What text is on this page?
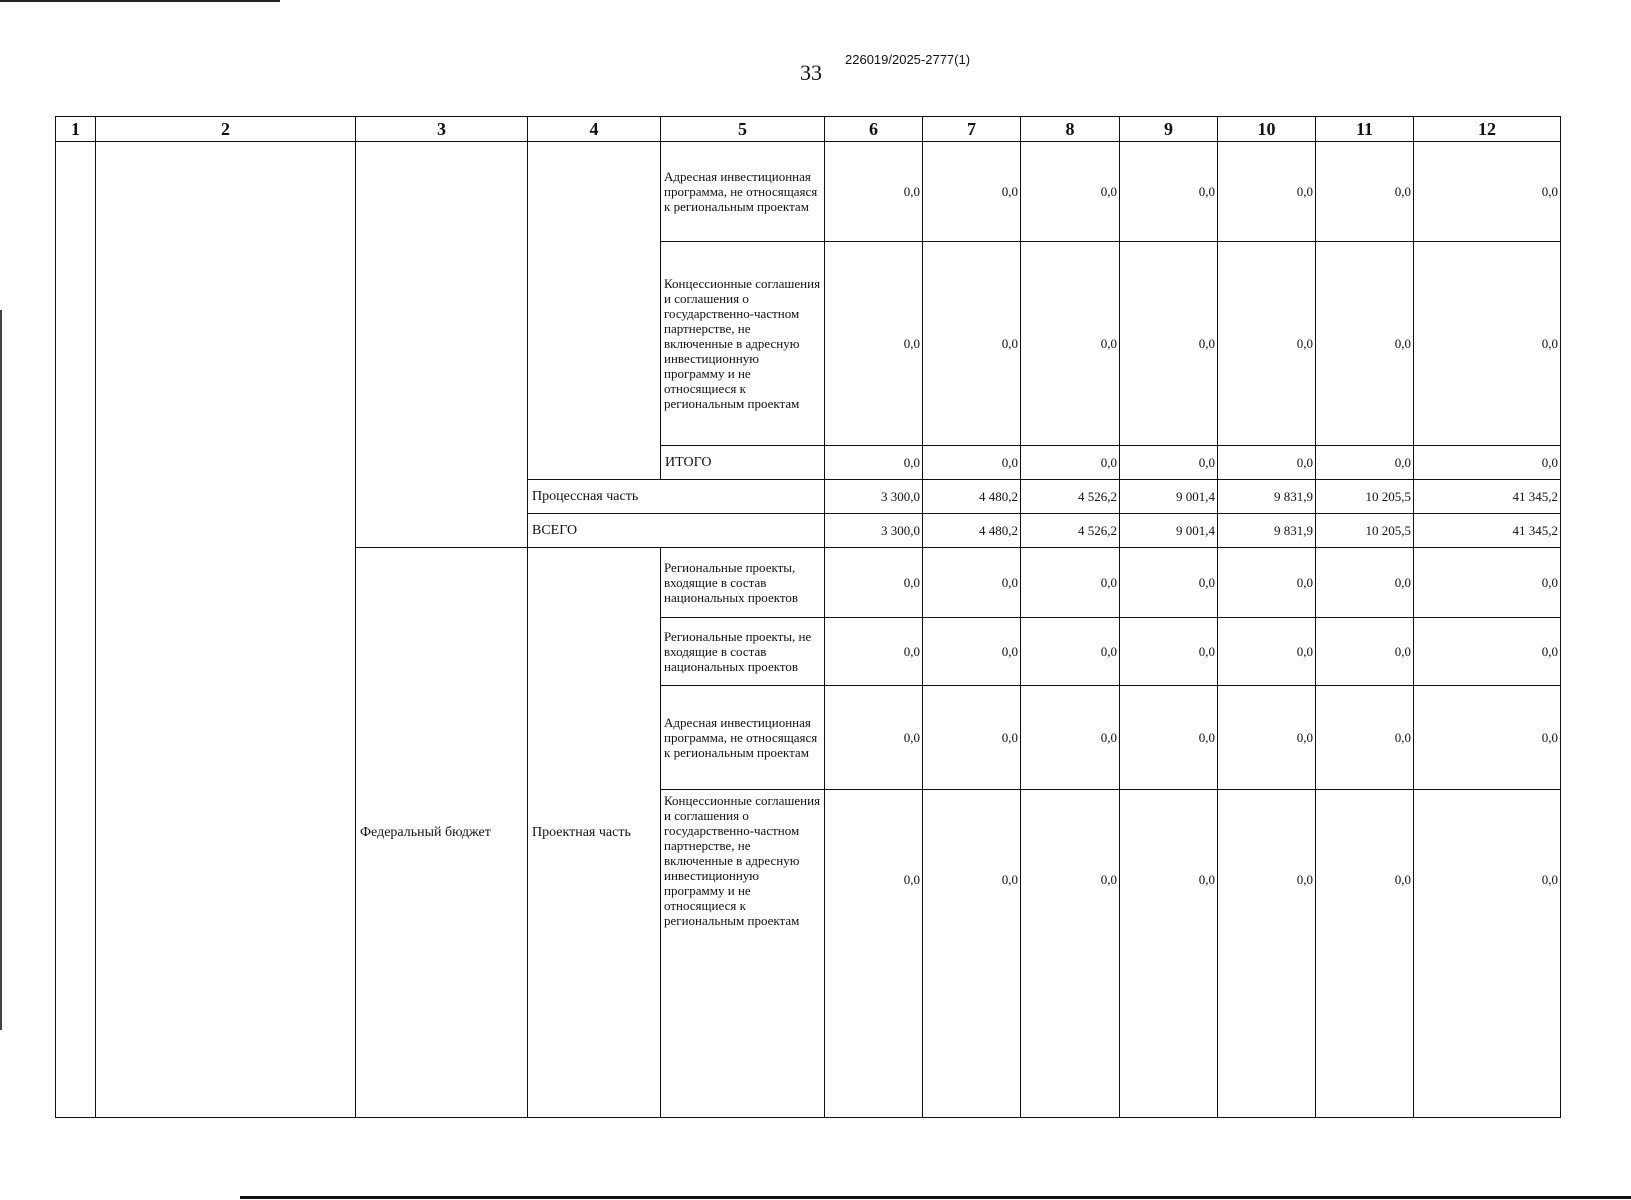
33
226019/2025-2777(1)
1	2	3	4	5	6	7	8	9	10	11	12
				Адресная инвестиционная программа, не относящаяся к региональным проектам	0,0	0,0	0,0	0,0	0,0	0,0	0,0
				Концессионные соглашения и соглашения о государственно-частном партнерстве, не включенные в адресную инвестиционную программу и не относящиеся к региональным проектам	0,0	0,0	0,0	0,0	0,0	0,0	0,0
				ИТОГО	0,0	0,0	0,0	0,0	0,0	0,0	0,0
			Процессная часть		3 300,0	4 480,2	4 526,2	9 001,4	9 831,9	10 205,5	41 345,2
			ВСЕГО		3 300,0	4 480,2	4 526,2	9 001,4	9 831,9	10 205,5	41 345,2
		Федеральный бюджет	Проектная часть	Региональные проекты, входящие в состав национальных проектов	0,0	0,0	0,0	0,0	0,0	0,0	0,0
				Региональные проекты, не входящие в состав национальных проектов	0,0	0,0	0,0	0,0	0,0	0,0	0,0
				Адресная инвестиционная программа, не относящаяся к региональным проектам	0,0	0,0	0,0	0,0	0,0	0,0	0,0
				Концессионные соглашения и соглашения о государственно-частном партнерстве, не включенные в адресную инвестиционную программу и не относящиеся к региональным проектам	0,0	0,0	0,0	0,0	0,0	0,0	0,0
